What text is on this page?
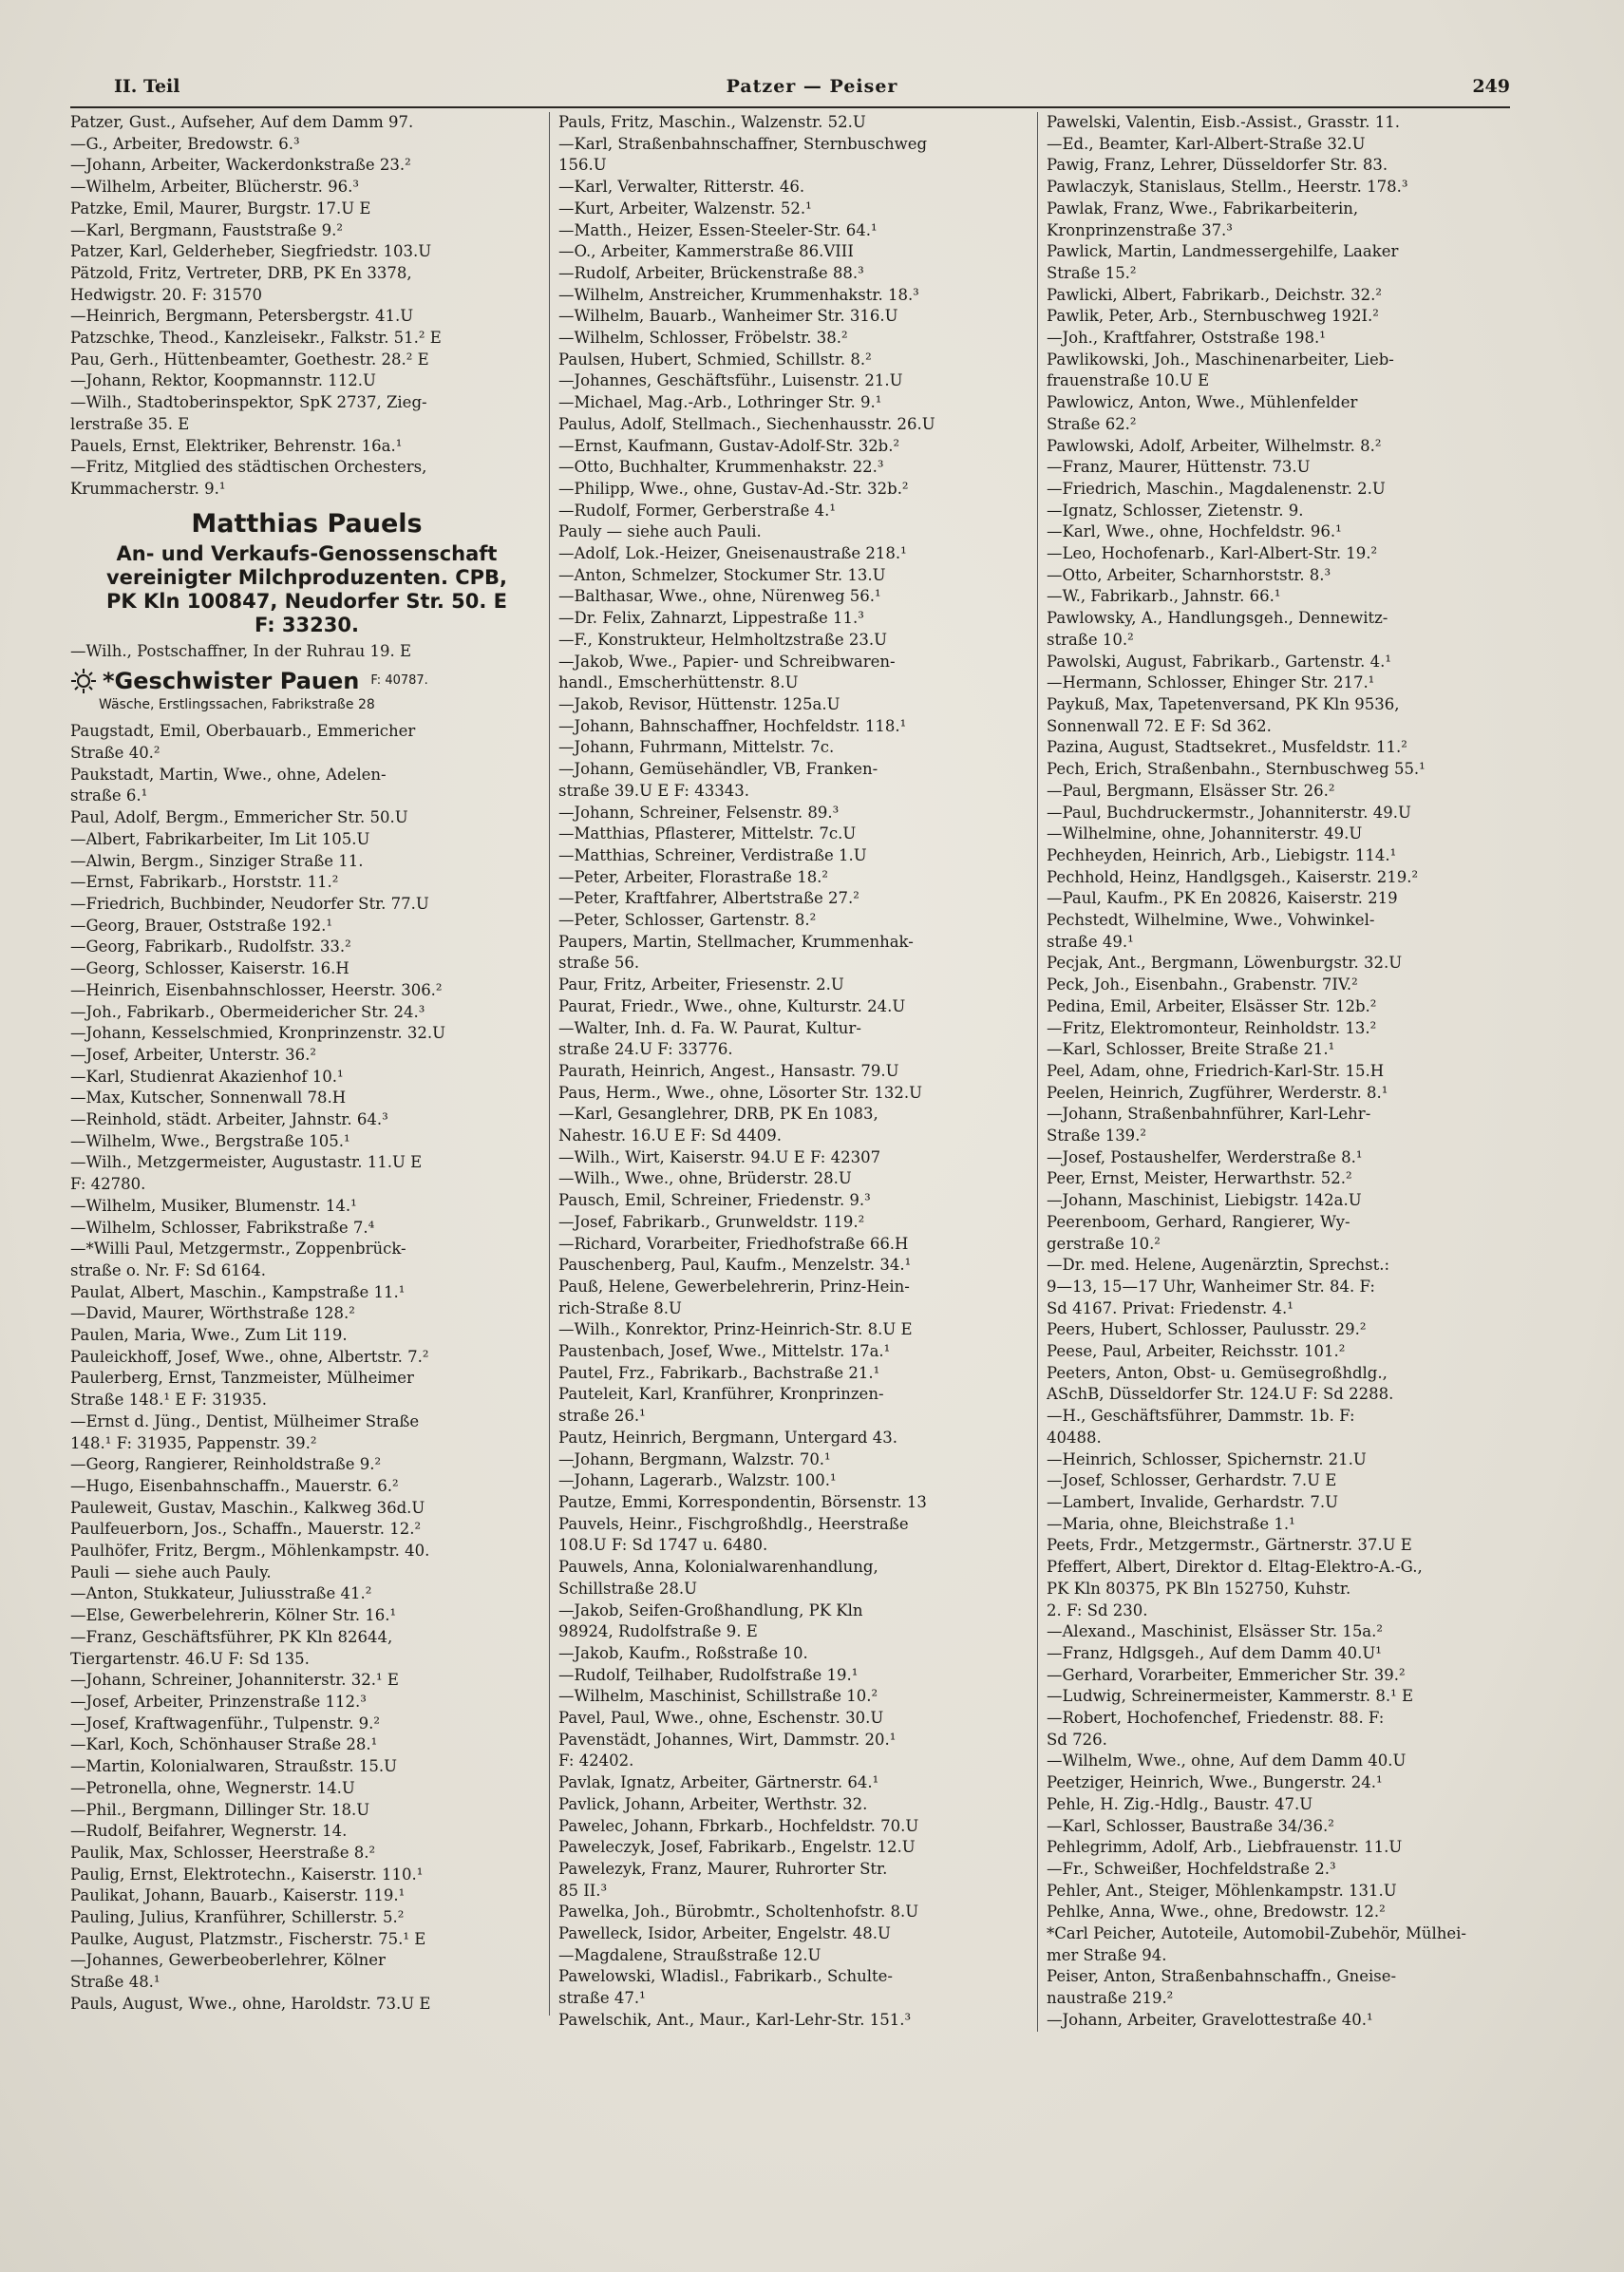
II. Teil	Patzer — Peiser	249
Patzer, Gust., Aufseher, Auf dem Damm 97.
—G., Arbeiter, Bredowstr. 6.³
—Johann, Arbeiter, Wackerdonkstraße 23.²
—Wilhelm, Arbeiter, Blücherstr. 96.³
Patzke, Emil, Maurer, Burgstr. 17.U E
—Karl, Bergmann, Fauststraße 9.²
Patzer, Karl, Gelderheber, Siegfriedstr. 103.U
Pätzold, Fritz, Vertreter, DRB, PK En 3378,
Hedwigstr. 20. F: 31570
—Heinrich, Bergmann, Petersbergstr. 41.U
Patzschke, Theod., Kanzleisekr., Falkstr. 51.² E
Pau, Gerh., Hüttenbeamter, Goethestr. 28.² E
—Johann, Rektor, Koopmannstr. 112.U
—Wilh., Stadtoberinspektor, SpK 2737, Zieg-
lerstraße 35. E
Pauels, Ernst, Elektriker, Behrenstr. 16a.¹
—Fritz, Mitglied des städtischen Orchesters,
Krummacherstr. 9.¹
Matthias Pauels
An- und Verkaufs-Genossenschaft
vereinigter Milchproduzenten. CPB,
PK Kln 100847, Neudorfer Str. 50. E
F: 33230.
—Wilh., Postschaffner, In der Ruhrau 19. E
*Geschwister Pauen F: 40787.
Wäsche, Erstlingssachen, Fabrikstraße 28
Paugstadt, Emil, Oberbauarb., Emmericher
Straße 40.²
Paukstadt, Martin, Wwe., ohne, Adelen-
straße 6.¹
Paul, Adolf, Bergm., Emmericher Str. 50.U
—Albert, Fabrikarbeiter, Im Lit 105.U
—Alwin, Bergm., Sinziger Straße 11.
—Ernst, Fabrikarb., Horststr. 11.²
—Friedrich, Buchbinder, Neudorfer Str. 77.U
—Georg, Brauer, Oststraße 192.¹
—Georg, Fabrikarb., Rudolfstr. 33.²
—Georg, Schlosser, Kaiserstr. 16.H
—Heinrich, Eisenbahnschlosser, Heerstr. 306.²
—Joh., Fabrikarb., Obermeidericher Str. 24.³
—Johann, Kesselschmied, Kronprinzenstr. 32.U
—Josef, Arbeiter, Unterstr. 36.²
—Karl, Studienrat Akazienhof 10.¹
—Max, Kutscher, Sonnenwall 78.H
—Reinhold, städt. Arbeiter, Jahnstr. 64.³
—Wilhelm, Wwe., Bergstraße 105.¹
—Wilh., Metzgermeister, Augustastr. 11.U E
F: 42780.
—Wilhelm, Musiker, Blumenstr. 14.¹
—Wilhelm, Schlosser, Fabrikstraße 7.⁴
—*Willi Paul, Metzgermstr., Zoppenbrück-
straße o. Nr. F: Sd 6164.
Paulat, Albert, Maschin., Kampstraße 11.¹
—David, Maurer, Wörthstraße 128.²
Paulen, Maria, Wwe., Zum Lit 119.
Pauleickhoff, Josef, Wwe., ohne, Albertstr. 7.²
Paulerberg, Ernst, Tanzmeister, Mülheimer
Straße 148.¹ E F: 31935.
—Ernst d. Jüng., Dentist, Mülheimer Straße
148.¹ F: 31935, Pappenstr. 39.²
—Georg, Rangierer, Reinholdstraße 9.²
—Hugo, Eisenbahnschaffn., Mauerstr. 6.²
Pauleweit, Gustav, Maschin., Kalkweg 36d.U
Paulfeuerborn, Jos., Schaffn., Mauerstr. 12.²
Paulhöfer, Fritz, Bergm., Möhlenkampstr. 40.
Pauli — siehe auch Pauly.
—Anton, Stukkateur, Juliusstraße 41.²
—Else, Gewerbelehrerin, Kölner Str. 16.¹
—Franz, Geschäftsführer, PK Kln 82644,
Tiergartenstr. 46.U F: Sd 135.
—Johann, Schreiner, Johanniterstr. 32.¹ E
—Josef, Arbeiter, Prinzenstraße 112.³
—Josef, Kraftwagenführ., Tulpenstr. 9.²
—Karl, Koch, Schönhauser Straße 28.¹
—Martin, Kolonialwaren, Straußstr. 15.U
—Petronella, ohne, Wegnerstr. 14.U
—Phil., Bergmann, Dillinger Str. 18.U
—Rudolf, Beifahrer, Wegnerstr. 14.
Paulik, Max, Schlosser, Heerstraße 8.²
Paulig, Ernst, Elektrotechn., Kaiserstr. 110.¹
Paulikat, Johann, Bauarb., Kaiserstr. 119.¹
Pauling, Julius, Kranführer, Schillerstr. 5.²
Paulke, August, Platzmstr., Fischerstr. 75.¹ E
—Johannes, Gewerbeoberlehrer, Kölner
Straße 48.¹
Pauls, August, Wwe., ohne, Haroldstr. 73.U E
Pauls, Fritz, Maschin., Walzenstr. 52.U
—Karl, Straßenbahnschaffner, Sternbuschweg
156.U
—Karl, Verwalter, Ritterstr. 46.
—Kurt, Arbeiter, Walzenstr. 52.¹
—Matth., Heizer, Essen-Steeler-Str. 64.¹
—O., Arbeiter, Kammerstraße 86.VIII
—Rudolf, Arbeiter, Brückenstraße 88.³
—Wilhelm, Anstreicher, Krummenhakstr. 18.³
—Wilhelm, Bauarb., Wanheimer Str. 316.U
—Wilhelm, Schlosser, Fröbelstr. 38.²
Paulsen, Hubert, Schmied, Schillstr. 8.²
—Johannes, Geschäftsführ., Luisenstr. 21.U
—Michael, Mag.-Arb., Lothringer Str. 9.¹
Paulus, Adolf, Stellmach., Siechenhausstr. 26.U
—Ernst, Kaufmann, Gustav-Adolf-Str. 32b.²
—Otto, Buchhalter, Krummenhakstr. 22.³
—Philipp, Wwe., ohne, Gustav-Ad.-Str. 32b.²
—Rudolf, Former, Gerberstraße 4.¹
Pauly — siehe auch Pauli.
—Adolf, Lok.-Heizer, Gneisenaustraße 218.¹
—Anton, Schmelzer, Stockumer Str. 13.U
—Balthasar, Wwe., ohne, Nürenweg 56.¹
—Dr. Felix, Zahnarzt, Lippestraße 11.³
—F., Konstrukteur, Helmholtzstraße 23.U
—Jakob, Wwe., Papier- und Schreibwaren-
handl., Emscherhüttenstr. 8.U
—Jakob, Revisor, Hüttenstr. 125a.U
—Johann, Bahnschaffner, Hochfeldstr. 118.¹
—Johann, Fuhrmann, Mittelstr. 7c.
—Johann, Gemüsehändler, VB, Franken-
straße 39.U E F: 43343.
—Johann, Schreiner, Felsenstr. 89.³
—Matthias, Pflasterer, Mittelstr. 7c.U
—Matthias, Schreiner, Verdistraße 1.U
—Peter, Arbeiter, Florastraße 18.²
—Peter, Kraftfahrer, Albertstraße 27.²
—Peter, Schlosser, Gartenstr. 8.²
Paupers, Martin, Stellmacher, Krummenhak-
straße 56.
Paur, Fritz, Arbeiter, Friesenstr. 2.U
Paurat, Friedr., Wwe., ohne, Kulturstr. 24.U
—Walter, Inh. d. Fa. W. Paurat, Kultur-
straße 24.U F: 33776.
Paurath, Heinrich, Angest., Hansastr. 79.U
Paus, Herm., Wwe., ohne, Lösorter Str. 132.U
—Karl, Gesanglehrer, DRB, PK En 1083,
Nahestr. 16.U E F: Sd 4409.
—Wilh., Wirt, Kaiserstr. 94.U E F: 42307
—Wilh., Wwe., ohne, Brüderstr. 28.U
Pausch, Emil, Schreiner, Friedenstr. 9.³
—Josef, Fabrikarb., Grunweldstr. 119.²
—Richard, Vorarbeiter, Friedhofstraße 66.H
Pauschenberg, Paul, Kaufm., Menzelstr. 34.¹
Pauß, Helene, Gewerbelehrerin, Prinz-Hein-
rich-Straße 8.U
—Wilh., Konrektor, Prinz-Heinrich-Str. 8.U E
Paustenbach, Josef, Wwe., Mittelstr. 17a.¹
Pautel, Frz., Fabrikarb., Bachstraße 21.¹
Pauteleit, Karl, Kranführer, Kronprinzen-
straße 26.¹
Pautz, Heinrich, Bergmann, Untergard 43.
—Johann, Bergmann, Walzstr. 70.¹
—Johann, Lagerarb., Walzstr. 100.¹
Pautze, Emmi, Korrespondentin, Börsenstr. 13
Pauvels, Heinr., Fischgroßhdlg., Heerstraße
108.U F: Sd 1747 u. 6480.
Pauwels, Anna, Kolonialwarenhandlung,
Schillstraße 28.U
—Jakob, Seifen-Großhandlung, PK Kln
98924, Rudolfstraße 9. E
—Jakob, Kaufm., Roßstraße 10.
—Rudolf, Teilhaber, Rudolfstraße 19.¹
—Wilhelm, Maschinist, Schillstraße 10.²
Pavel, Paul, Wwe., ohne, Eschenstr. 30.U
Pavenstädt, Johannes, Wirt, Dammstr. 20.¹
F: 42402.
Pavlak, Ignatz, Arbeiter, Gärtnerstr. 64.¹
Pavlick, Johann, Arbeiter, Werthstr. 32.
Pawelec, Johann, Fbrkarb., Hochfeldstr. 70.U
Paweleczyk, Josef, Fabrikarb., Engelstr. 12.U
Pawelezyk, Franz, Maurer, Ruhrorter Str.
85 II.³
Pawelka, Joh., Bürobmtr., Scholtenhofstr. 8.U
Pawelleck, Isidor, Arbeiter, Engelstr. 48.U
—Magdalene, Straußstraße 12.U
Pawelowski, Wladisl., Fabrikarb., Schulte-
straße 47.¹
Pawelschik, Ant., Maur., Karl-Lehr-Str. 151.³
Pawelski, Valentin, Eisb.-Assist., Grasstr. 11.
—Ed., Beamter, Karl-Albert-Straße 32.U
Pawig, Franz, Lehrer, Düsseldorfer Str. 83.
Pawlaczyk, Stanislaus, Stellm., Heerstr. 178.³
Pawlak, Franz, Wwe., Fabrikarbeiterin,
Kronprinzenstraße 37.³
Pawlick, Martin, Landmessergehilfe, Laaker
Straße 15.²
Pawlicki, Albert, Fabrikarb., Deichstr. 32.²
Pawlik, Peter, Arb., Sternbuschweg 192I.²
—Joh., Kraftfahrer, Oststraße 198.¹
Pawlikowski, Joh., Maschinenarbeiter, Lieb-
frauenstraße 10.U E
Pawlowicz, Anton, Wwe., Mühlenfelder
Straße 62.²
Pawlowski, Adolf, Arbeiter, Wilhelmstr. 8.²
—Franz, Maurer, Hüttenstr. 73.U
—Friedrich, Maschin., Magdalenenstr. 2.U
—Ignatz, Schlosser, Zietenstr. 9.
—Karl, Wwe., ohne, Hochfeldstr. 96.¹
—Leo, Hochofenarb., Karl-Albert-Str. 19.²
—Otto, Arbeiter, Scharnhorststr. 8.³
—W., Fabrikarb., Jahnstr. 66.¹
Pawlowsky, A., Handlungsgeh., Dennewitz-
straße 10.²
Pawolski, August, Fabrikarb., Gartenstr. 4.¹
—Hermann, Schlosser, Ehinger Str. 217.¹
Paykuß, Max, Tapetenversand, PK Kln 9536,
Sonnenwall 72. E F: Sd 362.
Pazina, August, Stadtsekret., Musfeldstr. 11.²
Pech, Erich, Straßenbahn., Sternbuschweg 55.¹
—Paul, Bergmann, Elsässer Str. 26.²
—Paul, Buchdruckermstr., Johanniterstr. 49.U
—Wilhelmine, ohne, Johanniterstr. 49.U
Pechheyden, Heinrich, Arb., Liebigstr. 114.¹
Pechhold, Heinz, Handlgsgeh., Kaiserstr. 219.²
—Paul, Kaufm., PK En 20826, Kaiserstr. 219
Pechstedt, Wilhelmine, Wwe., Vohwinkel-
straße 49.¹
Pecjak, Ant., Bergmann, Löwenburgstr. 32.U
Peck, Joh., Eisenbahn., Grabenstr. 7IV.²
Pedina, Emil, Arbeiter, Elsässer Str. 12b.²
—Fritz, Elektromonteur, Reinholdstr. 13.²
—Karl, Schlosser, Breite Straße 21.¹
Peel, Adam, ohne, Friedrich-Karl-Str. 15.H
Peelen, Heinrich, Zugführer, Werderstr. 8.¹
—Johann, Straßenbahnführer, Karl-Lehr-
Straße 139.²
—Josef, Postaushelfer, Werderstraße 8.¹
Peer, Ernst, Meister, Herwarthstr. 52.²
—Johann, Maschinist, Liebigstr. 142a.U
Peerenboom, Gerhard, Rangierer, Wy-
gerstraße 10.²
—Dr. med. Helene, Augenärztin, Sprechst.:
9—13, 15—17 Uhr, Wanheimer Str. 84. F:
Sd 4167. Privat: Friedenstr. 4.¹
Peers, Hubert, Schlosser, Paulusstr. 29.²
Peese, Paul, Arbeiter, Reichsstr. 101.²
Peeters, Anton, Obst- u. Gemüsegroßhdlg.,
ASchB, Düsseldorfer Str. 124.U F: Sd 2288.
—H., Geschäftsführer, Dammstr. 1b. F:
40488.
—Heinrich, Schlosser, Spichernstr. 21.U
—Josef, Schlosser, Gerhardstr. 7.U E
—Lambert, Invalide, Gerhardstr. 7.U
—Maria, ohne, Bleichstraße 1.¹
Peets, Frdr., Metzgermstr., Gärtnerstr. 37.U E
Pfeffert, Albert, Direktor d. Eltag-Elektro-A.-G.,
PK Kln 80375, PK Bln 152750, Kuhstr.
2. F: Sd 230.
—Alexand., Maschinist, Elsässer Str. 15a.²
—Franz, Hdlgsgeh., Auf dem Damm 40.U¹
—Gerhard, Vorarbeiter, Emmericher Str. 39.²
—Ludwig, Schreinermeister, Kammerstr. 8.¹ E
—Robert, Hochofenchef, Friedenstr. 88. F:
Sd 726.
—Wilhelm, Wwe., ohne, Auf dem Damm 40.U
Peetziger, Heinrich, Wwe., Bungerstr. 24.¹
Pehle, H. Zig.-Hdlg., Baustr. 47.U
—Karl, Schlosser, Baustraße 34/36.²
Pehlegrimm, Adolf, Arb., Liebfrauenstr. 11.U
—Fr., Schweißer, Hochfeldstraße 2.³
Pehler, Ant., Steiger, Möhlenkampstr. 131.U
Pehlke, Anna, Wwe., ohne, Bredowstr. 12.²
*Carl Peicher, Autoteile, Automobil-Zubehör, Mülhei-
mer Straße 94.
Peiser, Anton, Straßenbahnschaffn., Gneise-
naustraße 219.²
—Johann, Arbeiter, Gravelottestraße 40.¹
